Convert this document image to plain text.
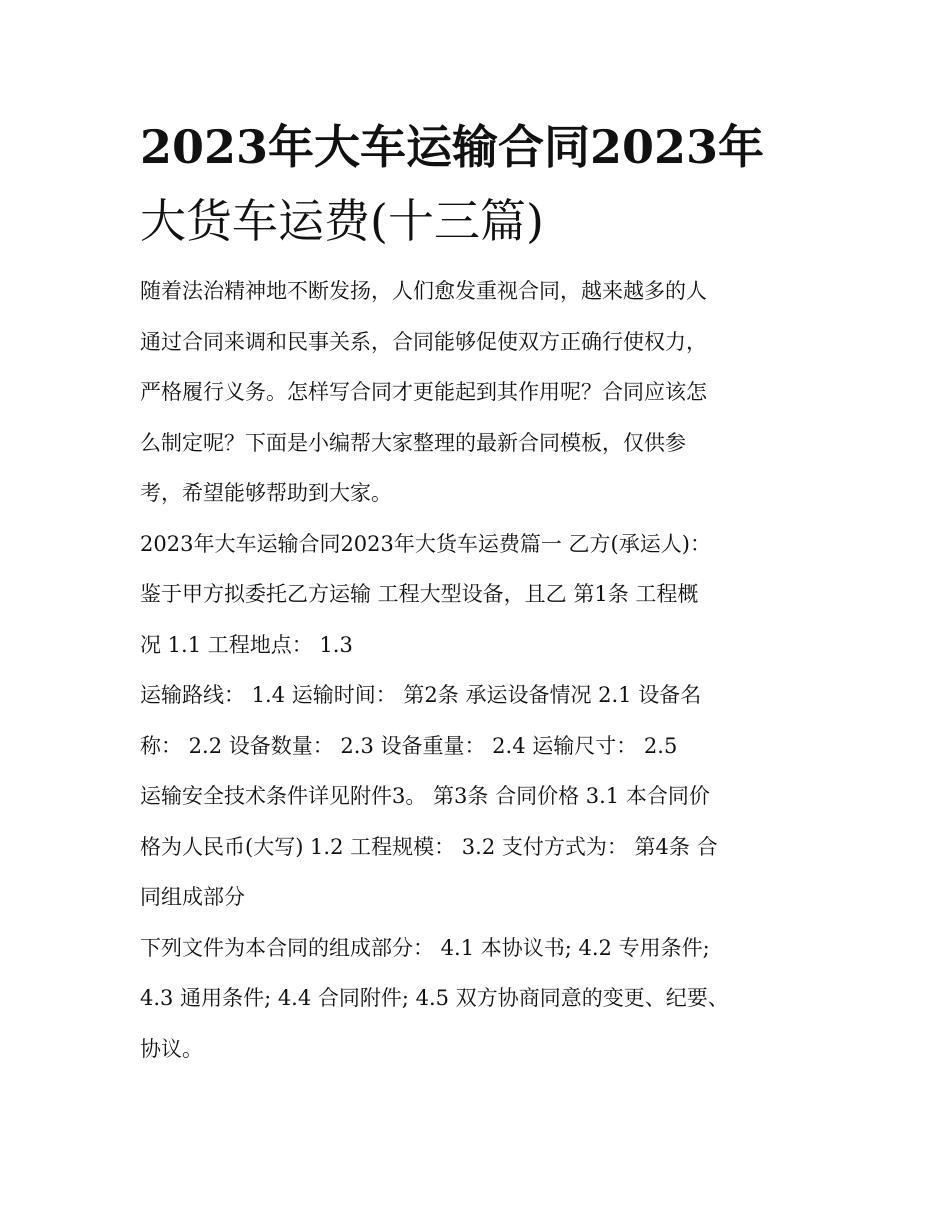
2023年大车运输合同2023年
大货车运费(十三篇)
随着法治精神地不断发扬，人们愈发重视合同，越来越多的人
通过合同来调和民事关系，合同能够促使双方正确行使权力，
严格履行义务。怎样写合同才更能起到其作用呢？合同应该怎
么制定呢？下面是小编帮大家整理的最新合同模板，仅供参
考，希望能够帮助到大家。
2023年大车运输合同2023年大货车运费篇一 乙方(承运人)：
鉴于甲方拟委托乙方运输 工程大型设备，且乙 第1条 工程概
况 1.1 工程地点： 1.3
运输路线： 1.4 运输时间： 第2条 承运设备情况 2.1 设备名
称： 2.2 设备数量： 2.3 设备重量： 2.4 运输尺寸： 2.5
运输安全技术条件详见附件3。 第3条 合同价格 3.1 本合同价
格为人民币(大写) 1.2 工程规模： 3.2 支付方式为： 第4条 合
同组成部分
下列文件为本合同的组成部分： 4.1 本协议书; 4.2 专用条件;
4.3 通用条件; 4.4 合同附件; 4.5 双方协商同意的变更、纪要、
协议。
